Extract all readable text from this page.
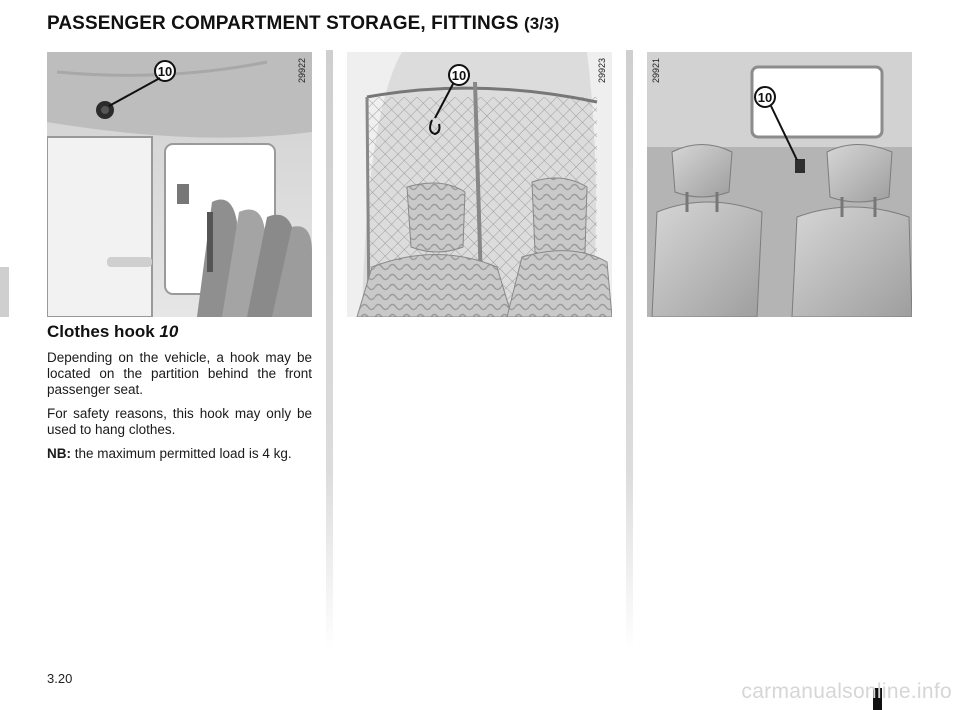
PASSENGER COMPARTMENT STORAGE, FITTINGS (3/3)
10	29922	10	29923
10
29921
Clothes hook 10

Depending on the vehicle, a hook may be located on the partition behind the front passenger seat.

For safety reasons, this hook may only be used to hang clothes.

NB: the maximum permitted load is 4 kg.

3.20
carmanualsonline.info
